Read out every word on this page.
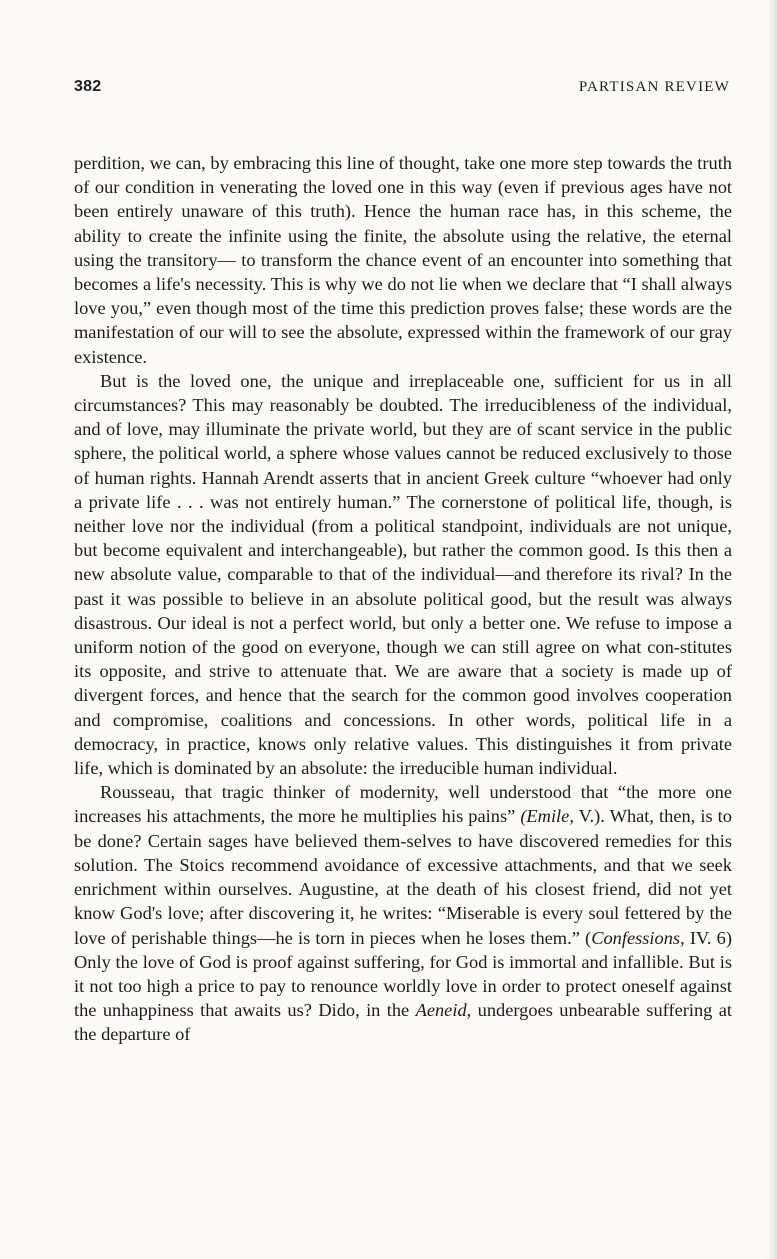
382	PARTISAN REVIEW

perdition, we can, by embracing this line of thought, take one more step towards the truth of our condition in venerating the loved one in this way (even if previous ages have not been entirely unaware of this truth). Hence the human race has, in this scheme, the ability to create the infinite using the finite, the absolute using the relative, the eternal using the transitory— to transform the chance event of an encounter into something that becomes a life's necessity. This is why we do not lie when we declare that “I shall always love you,” even though most of the time this prediction proves false; these words are the manifestation of our will to see the absolute, expressed within the framework of our gray existence.

But is the loved one, the unique and irreplaceable one, sufficient for us in all circumstances? This may reasonably be doubted. The irreducibleness of the individual, and of love, may illuminate the private world, but they are of scant service in the public sphere, the political world, a sphere whose values cannot be reduced exclusively to those of human rights. Hannah Arendt asserts that in ancient Greek culture “whoever had only a private life . . . was not entirely human.” The cornerstone of political life, though, is neither love nor the individual (from a political standpoint, individuals are not unique, but become equivalent and interchangeable), but rather the common good. Is this then a new absolute value, comparable to that of the individual—and therefore its rival? In the past it was possible to believe in an absolute political good, but the result was always disastrous. Our ideal is not a perfect world, but only a better one. We refuse to impose a uniform notion of the good on everyone, though we can still agree on what con-stitutes its opposite, and strive to attenuate that. We are aware that a society is made up of divergent forces, and hence that the search for the common good involves cooperation and compromise, coalitions and concessions. In other words, political life in a democracy, in practice, knows only relative values. This distinguishes it from private life, which is dominated by an absolute: the irreducible human individual.

Rousseau, that tragic thinker of modernity, well understood that “the more one increases his attachments, the more he multiplies his pains” (Emile, V.). What, then, is to be done? Certain sages have believed them-selves to have discovered remedies for this solution. The Stoics recommend avoidance of excessive attachments, and that we seek enrichment within ourselves. Augustine, at the death of his closest friend, did not yet know God's love; after discovering it, he writes: “Miserable is every soul fettered by the love of perishable things—he is torn in pieces when he loses them.” (Confessions, IV. 6) Only the love of God is proof against suffering, for God is immortal and infallible. But is it not too high a price to pay to renounce worldly love in order to protect oneself against the unhappiness that awaits us? Dido, in the Aeneid, undergoes unbearable suffering at the departure of
